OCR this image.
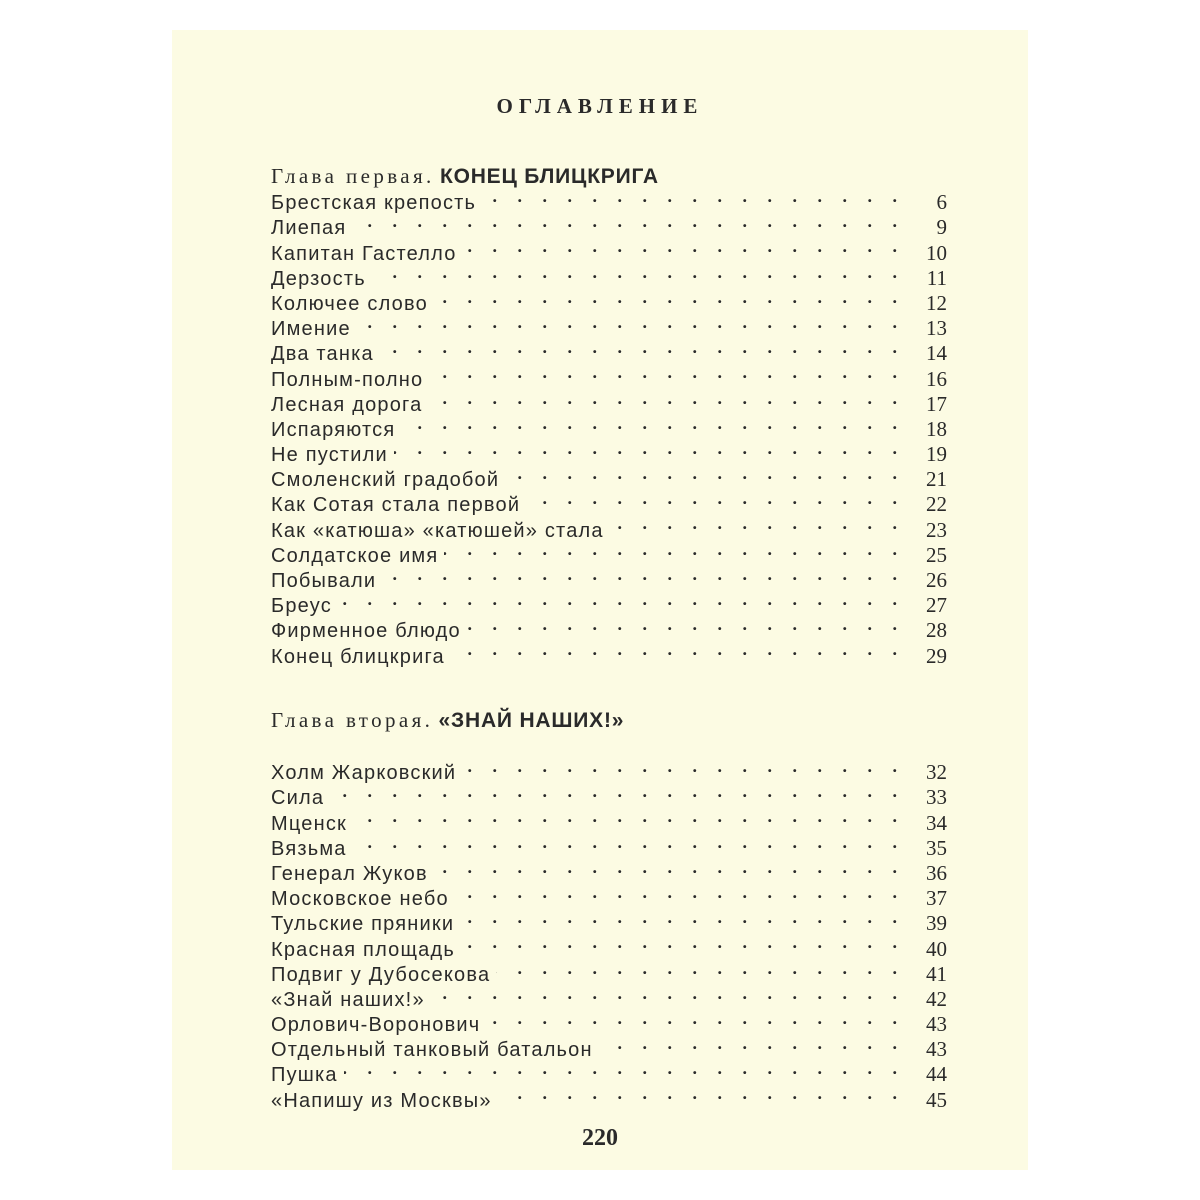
ОГЛАВЛЕНИЕ
Глава первая. КОНЕЦ БЛИЦКРИГА
Брестская крепость . . .	6
Лиепая . . .	9
Капитан Гастелло . . .	10
Дерзость . . .	11
Колючее слово . . .	12
Имение . . .	13
Два танка . . .	14
Полным-полно . . .	16
Лесная дорога . . .	17
Испаряются . . .	18
Не пустили . . .	19
Смоленский градобой . . .	21
Как Сотая стала первой . . .	22
Как «катюша» «катюшей» стала . . .	23
Солдатское имя . . .	25
Побывали . . .	26
Бреус . . .	27
Фирменное блюдо . . .	28
Конец блицкрига . . .	29
Глава вторая. «ЗНАЙ НАШИХ!»
Холм Жарковский . . .	32
Сила . . .	33
Мценск . . .	34
Вязьма . . .	35
Генерал Жуков . . .	36
Московское небо . . .	37
Тульские пряники . . .	39
Красная площадь . . .	40
Подвиг у Дубосекова . . .	41
«Знай наших!» . . .	42
Орлович-Воронович . . .	43
Отдельный танковый батальон . . .	43
Пушка . . .	44
«Напишу из Москвы» . . .	45
220
